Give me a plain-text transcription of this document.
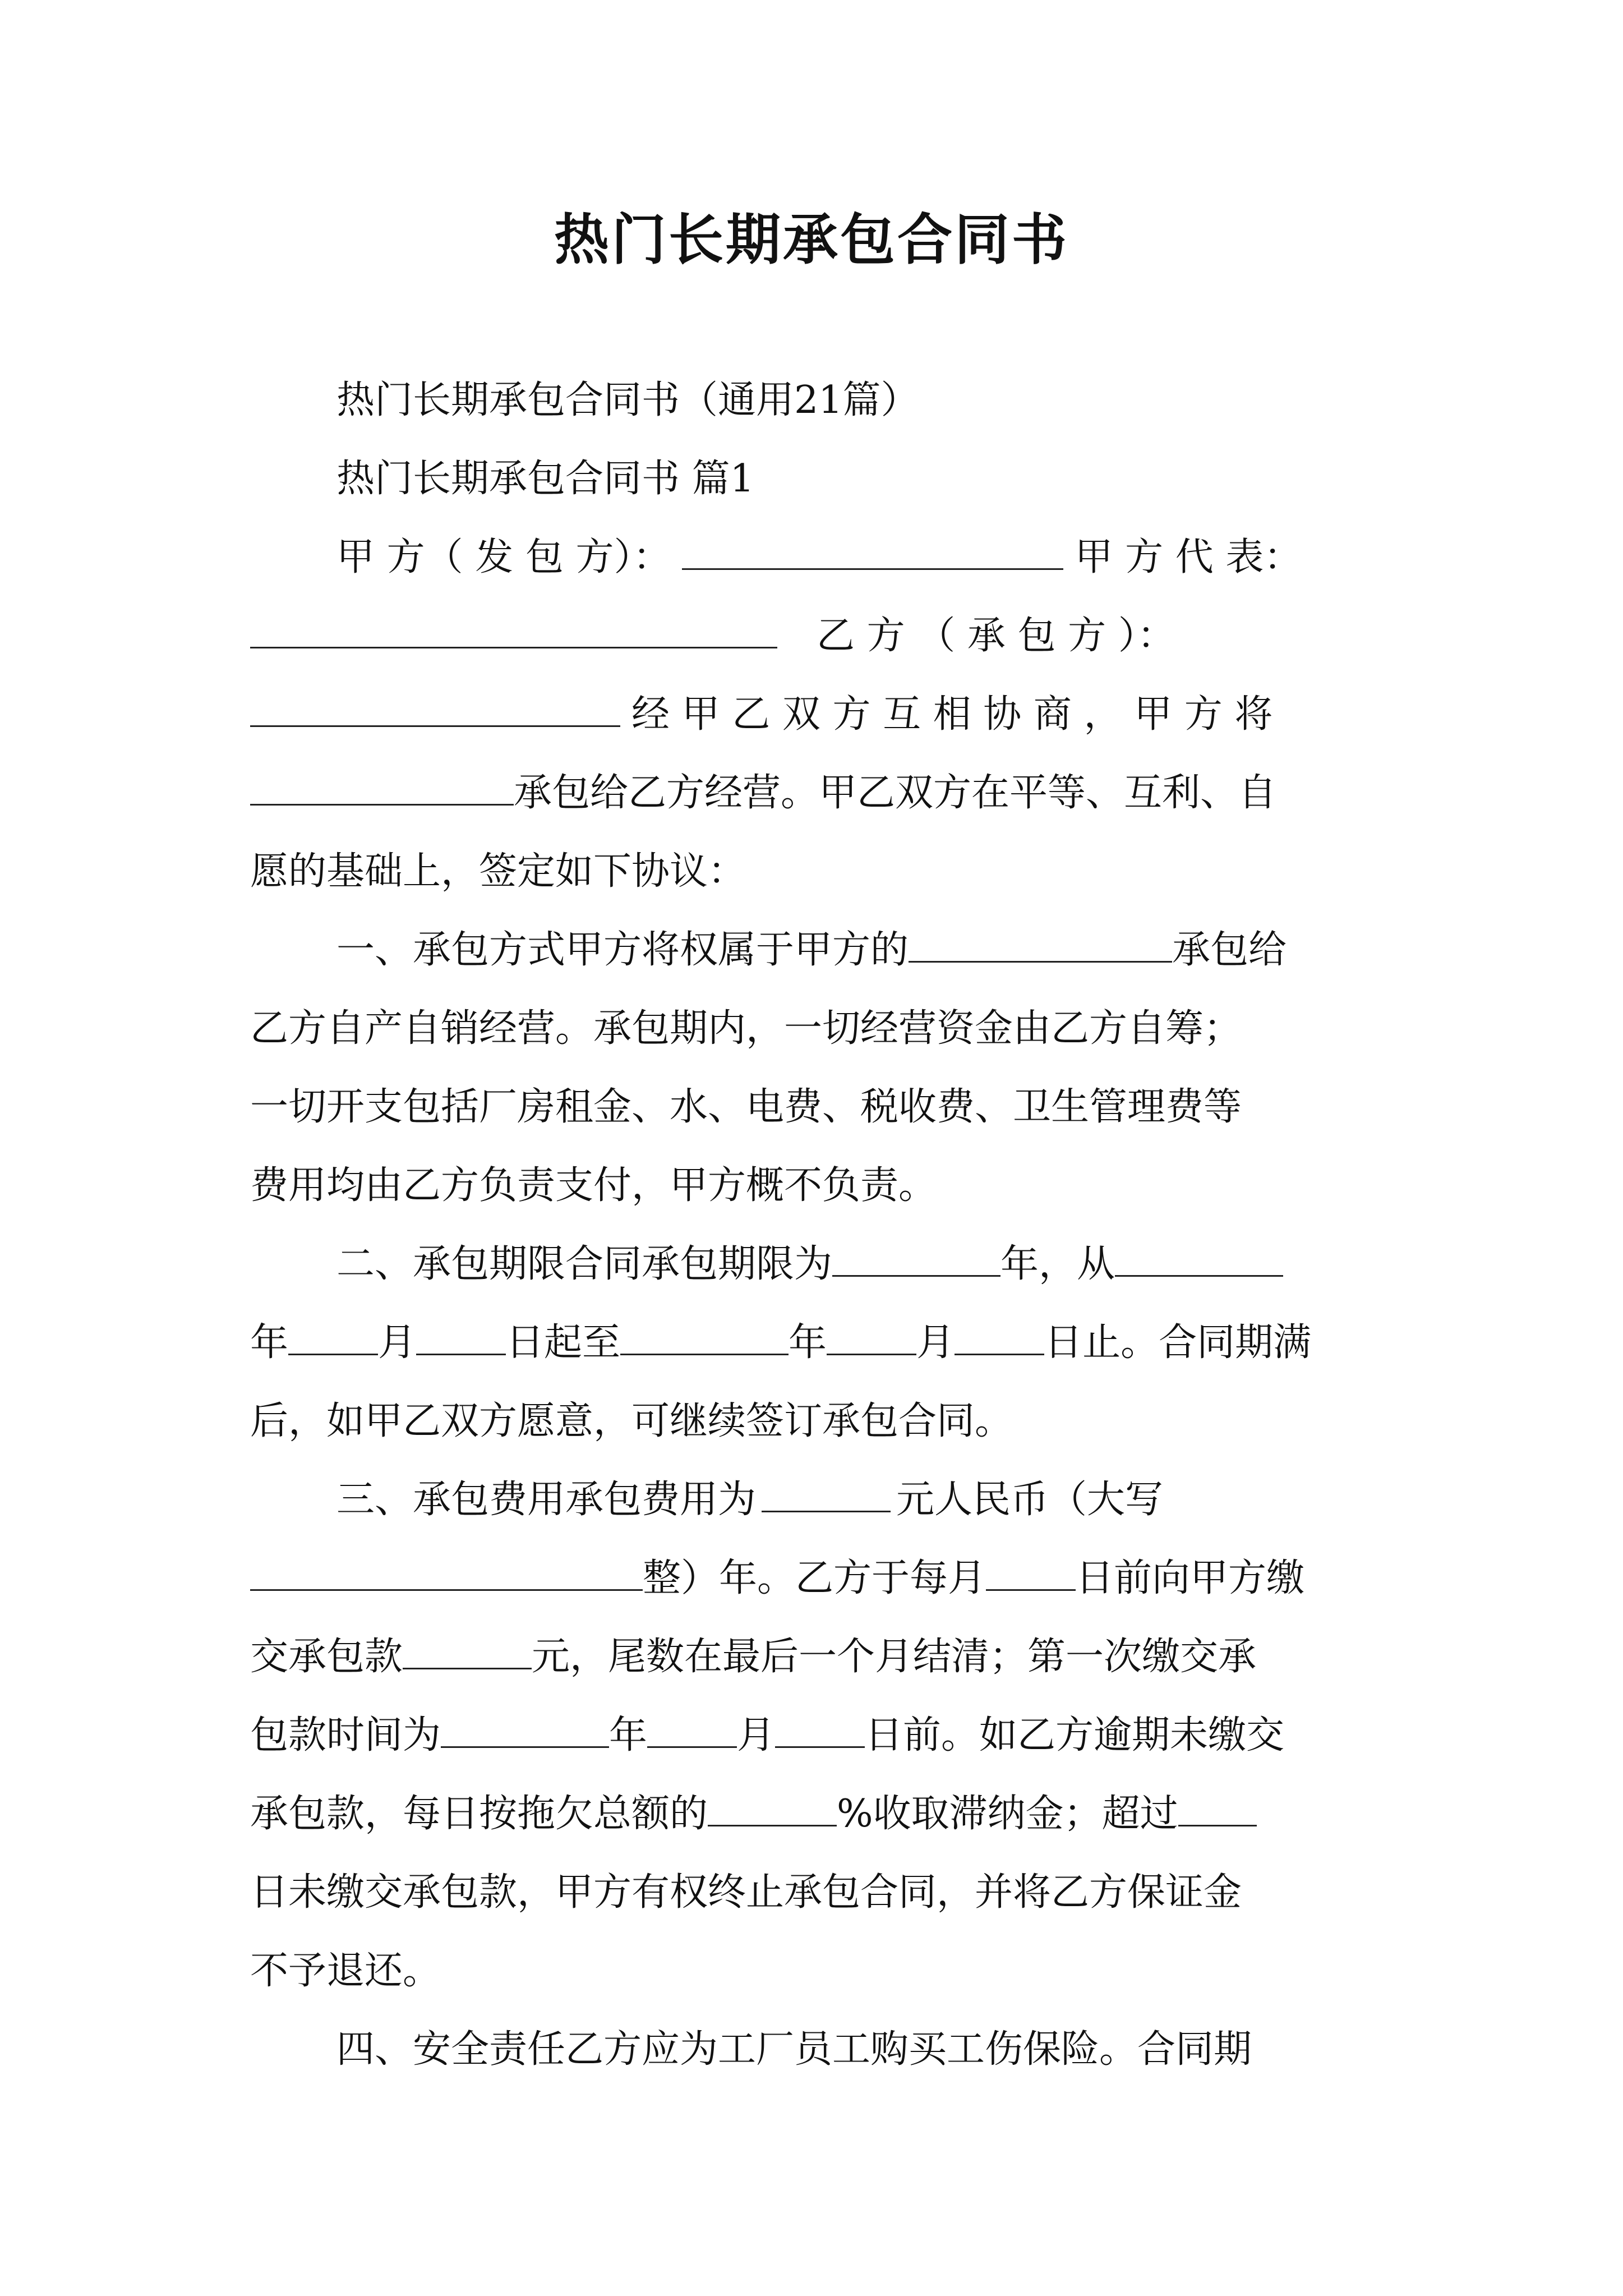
热门长期承包合同书
热门长期承包合同书（通用21篇）
热门长期承包合同书 篇1
甲 方（ 发 包 方）：	甲 方 代 表：
乙 方 （ 承 包 方 ）：
经 甲 乙 双 方 互 相 协 商 ， 甲 方 将
承包给乙方经营。甲乙双方在平等、互利、自
愿的基础上，签定如下协议：
一、承包方式甲方将权属于甲方的	承包给
乙方自产自销经营。承包期内，一切经营资金由乙方自筹；
一切开支包括厂房租金、水、电费、税收费、卫生管理费等
费用均由乙方负责支付，甲方概不负责。
二、承包期限合同承包期限为	年，从
年 月 日起至	年 月 日止。合同期满
后，如甲乙双方愿意，可继续签订承包合同。
三、承包费用承包费用为	元人民币（大写
整）年。乙方于每月 日前向甲方缴
交承包款	元，尾数在最后一个月结清；第一次缴交承
包款时间为	年 月 日前。如乙方逾期未缴交
承包款，每日按拖欠总额的	%收取滞纳金；超过
日未缴交承包款，甲方有权终止承包合同，并将乙方保证金
不予退还。
四、安全责任乙方应为工厂员工购买工伤保险。合同期
